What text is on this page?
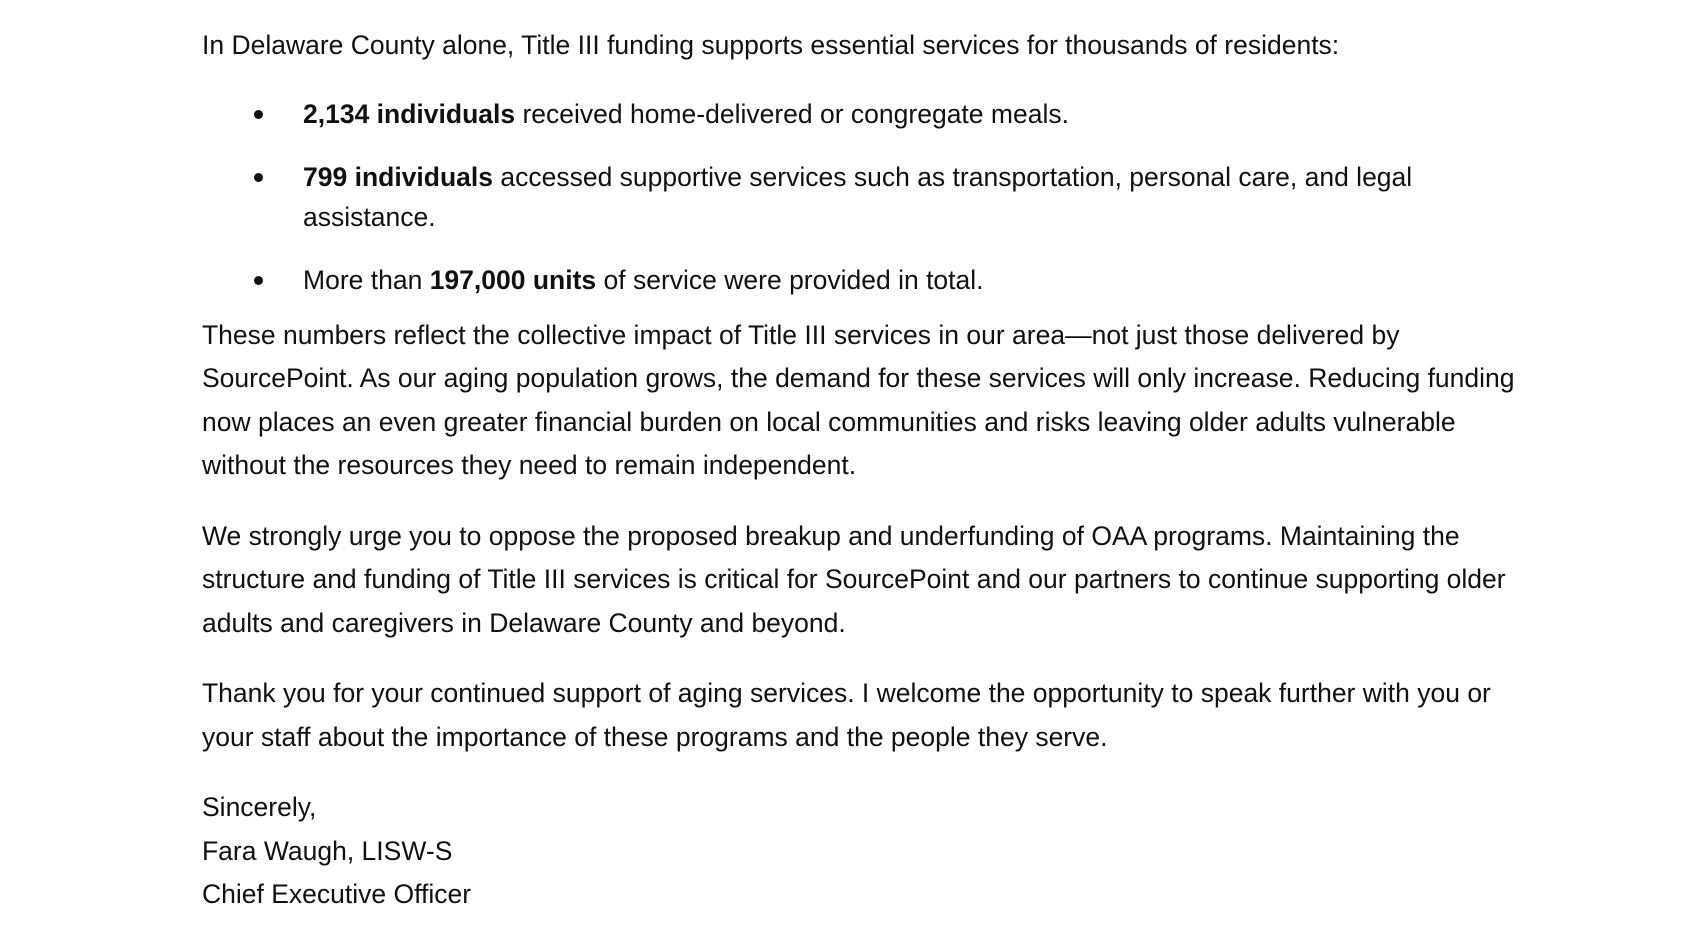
In Delaware County alone, Title III funding supports essential services for thousands of residents:

2,134 individuals received home-delivered or congregate meals.
799 individuals accessed supportive services such as transportation, personal care, and legal assistance.
More than 197,000 units of service were provided in total.

These numbers reflect the collective impact of Title III services in our area—not just those delivered by SourcePoint. As our aging population grows, the demand for these services will only increase. Reducing funding now places an even greater financial burden on local communities and risks leaving older adults vulnerable without the resources they need to remain independent.

We strongly urge you to oppose the proposed breakup and underfunding of OAA programs. Maintaining the structure and funding of Title III services is critical for SourcePoint and our partners to continue supporting older adults and caregivers in Delaware County and beyond.

Thank you for your continued support of aging services. I welcome the opportunity to speak further with you or your staff about the importance of these programs and the people they serve.

Sincerely,

Fara Waugh, LISW-S

Chief Executive Officer
